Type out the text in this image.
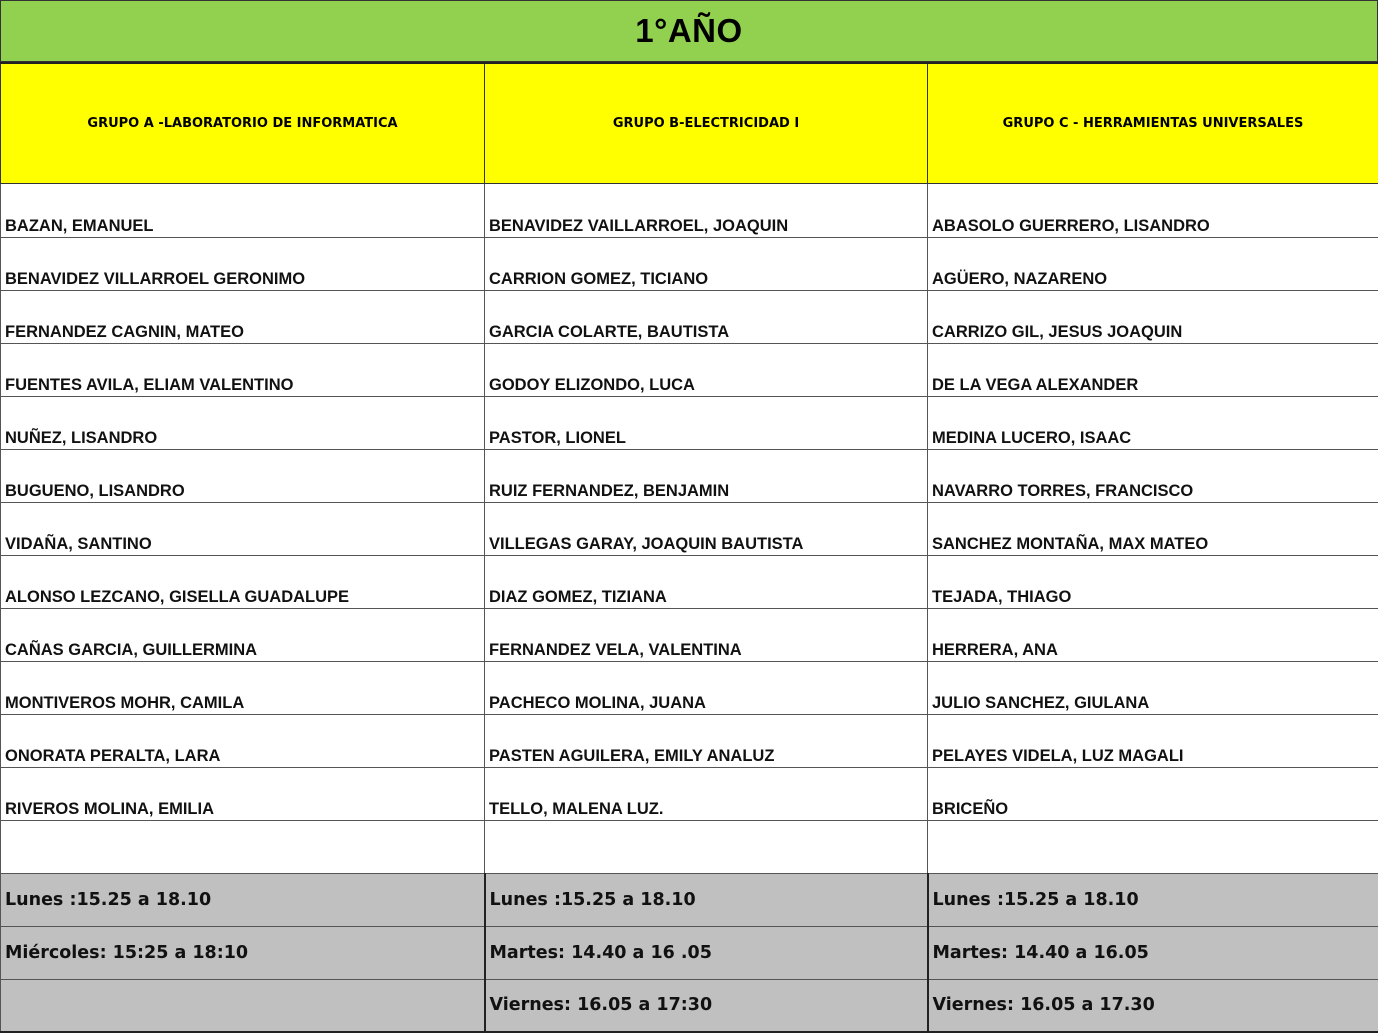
1°AÑO
GRUPO A -LABORATORIO DE INFORMATICA	GRUPO B-ELECTRICIDAD I	GRUPO C - HERRAMIENTAS UNIVERSALES
BAZAN, EMANUEL	BENAVIDEZ VAILLARROEL, JOAQUIN	ABASOLO GUERRERO, LISANDRO
BENAVIDEZ VILLARROEL GERONIMO	CARRION GOMEZ, TICIANO	AGÜERO, NAZARENO
FERNANDEZ CAGNIN, MATEO	GARCIA COLARTE, BAUTISTA	CARRIZO GIL, JESUS JOAQUIN
FUENTES AVILA, ELIAM VALENTINO	GODOY ELIZONDO, LUCA	DE LA VEGA ALEXANDER
NUÑEZ, LISANDRO	PASTOR, LIONEL	MEDINA LUCERO, ISAAC
BUGUENO, LISANDRO	RUIZ FERNANDEZ, BENJAMIN	NAVARRO TORRES, FRANCISCO
VIDAÑA, SANTINO	VILLEGAS GARAY, JOAQUIN BAUTISTA	SANCHEZ MONTAÑA, MAX MATEO
ALONSO LEZCANO, GISELLA GUADALUPE	DIAZ GOMEZ, TIZIANA	TEJADA, THIAGO
CAÑAS GARCIA, GUILLERMINA	FERNANDEZ VELA, VALENTINA	HERRERA, ANA
MONTIVEROS MOHR, CAMILA	PACHECO MOLINA, JUANA	JULIO SANCHEZ, GIULANA
ONORATA PERALTA, LARA	PASTEN AGUILERA, EMILY ANALUZ	PELAYES VIDELA, LUZ MAGALI
RIVEROS MOLINA, EMILIA	TELLO, MALENA LUZ.	BRICEÑO

Lunes :15.25 a 18.10	Lunes :15.25 a 18.10	Lunes :15.25 a 18.10
Miércoles: 15:25 a 18:10	Martes: 14.40 a 16 .05	Martes: 14.40 a 16.05
	Viernes: 16.05 a 17:30	Viernes: 16.05 a 17.30
